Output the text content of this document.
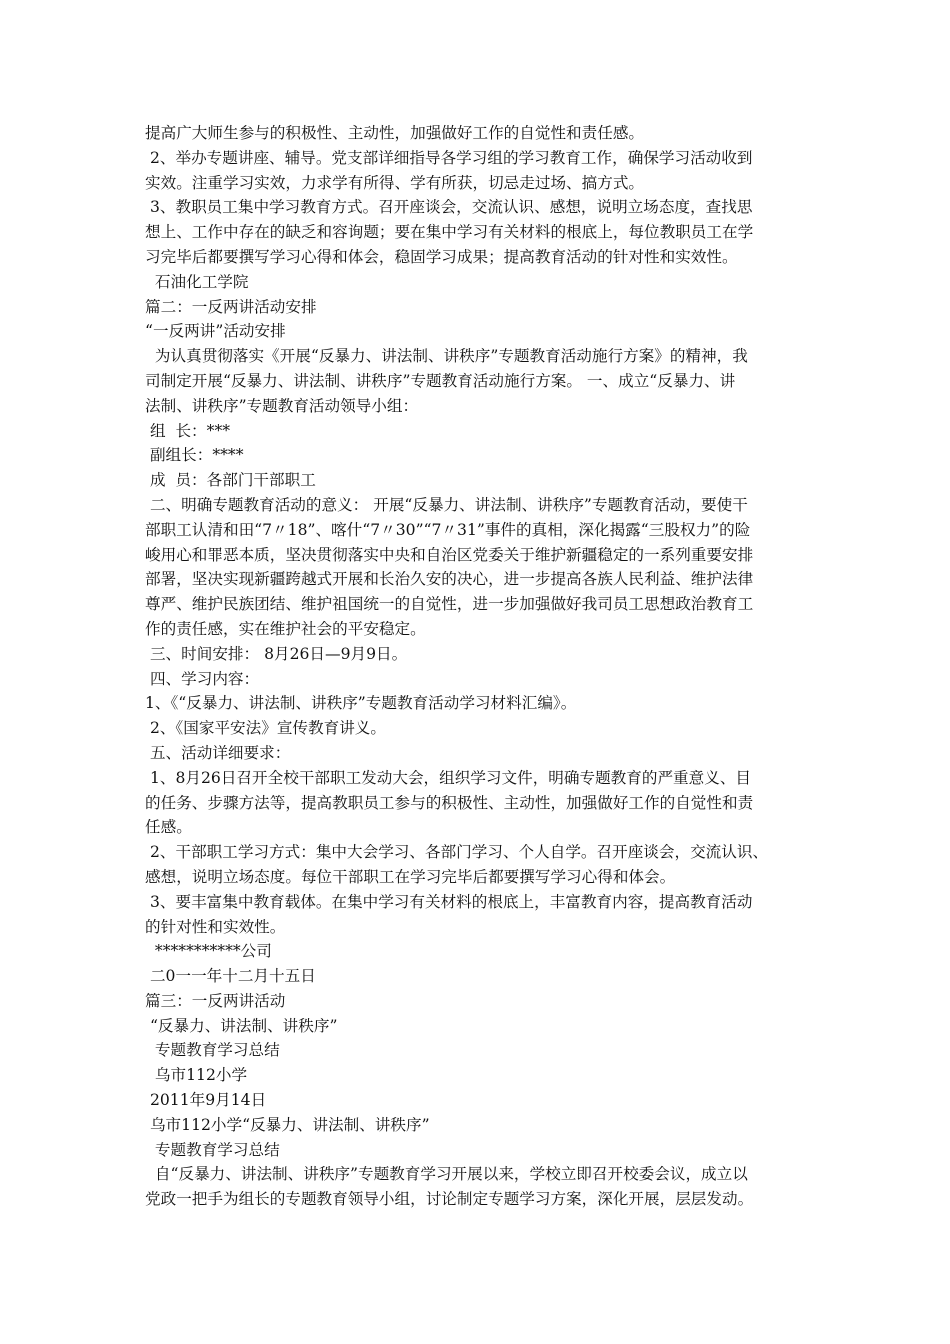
提高广大师生参与的积极性、主动性，加强做好工作的自觉性和责任感。
2、举办专题讲座、辅导。党支部详细指导各学习组的学习教育工作，确保学习活动收到
实效。注重学习实效，力求学有所得、学有所获，切忌走过场、搞方式。
3、教职员工集中学习教育方式。召开座谈会，交流认识、感想，说明立场态度，查找思
想上、工作中存在的缺乏和容询题；要在集中学习有关材料的根底上，每位教职员工在学
习完毕后都要撰写学习心得和体会，稳固学习成果；提高教育活动的针对性和实效性。
石油化工学院
篇二：一反两讲活动安排
“一反两讲”活动安排
为认真贯彻落实《开展“反暴力、讲法制、讲秩序”专题教育活动施行方案》的精神，我
司制定开展“反暴力、讲法制、讲秩序”专题教育活动施行方案。 一、成立“反暴力、讲
法制、讲秩序”专题教育活动领导小组：
组  长：***
副组长：****
成  员：各部门干部职工
二、明确专题教育活动的意义： 开展“反暴力、讲法制、讲秩序”专题教育活动，要使干
部职工认清和田“7〃18”、喀什“7〃30”“7〃31”事件的真相，深化揭露“三股权力”的险
峻用心和罪恶本质，坚决贯彻落实中央和自治区党委关于维护新疆稳定的一系列重要安排
部署，坚决实现新疆跨越式开展和长治久安的决心，进一步提高各族人民利益、维护法律
尊严、维护民族团结、维护祖国统一的自觉性，进一步加强做好我司员工思想政治教育工
作的责任感，实在维护社会的平安稳定。
三、时间安排： 8月26日—9月9日。
四、学习内容：
1、《“反暴力、讲法制、讲秩序”专题教育活动学习材料汇编》。
2、《国家平安法》宣传教育讲义。
五、活动详细要求：
1、8月26日召开全校干部职工发动大会，组织学习文件，明确专题教育的严重意义、目
的任务、步骤方法等，提高教职员工参与的积极性、主动性，加强做好工作的自觉性和责
任感。
2、干部职工学习方式：集中大会学习、各部门学习、个人自学。召开座谈会，交流认识、
感想，说明立场态度。每位干部职工在学习完毕后都要撰写学习心得和体会。
3、要丰富集中教育载体。在集中学习有关材料的根底上，丰富教育内容，提高教育活动
的针对性和实效性。
***********公司
二0一一年十二月十五日
篇三：一反两讲活动
“反暴力、讲法制、讲秩序”
专题教育学习总结
乌市112小学
2011年9月14日
乌市112小学“反暴力、讲法制、讲秩序”
专题教育学习总结
自“反暴力、讲法制、讲秩序”专题教育学习开展以来，学校立即召开校委会议，成立以
党政一把手为组长的专题教育领导小组，讨论制定专题学习方案，深化开展，层层发动。
